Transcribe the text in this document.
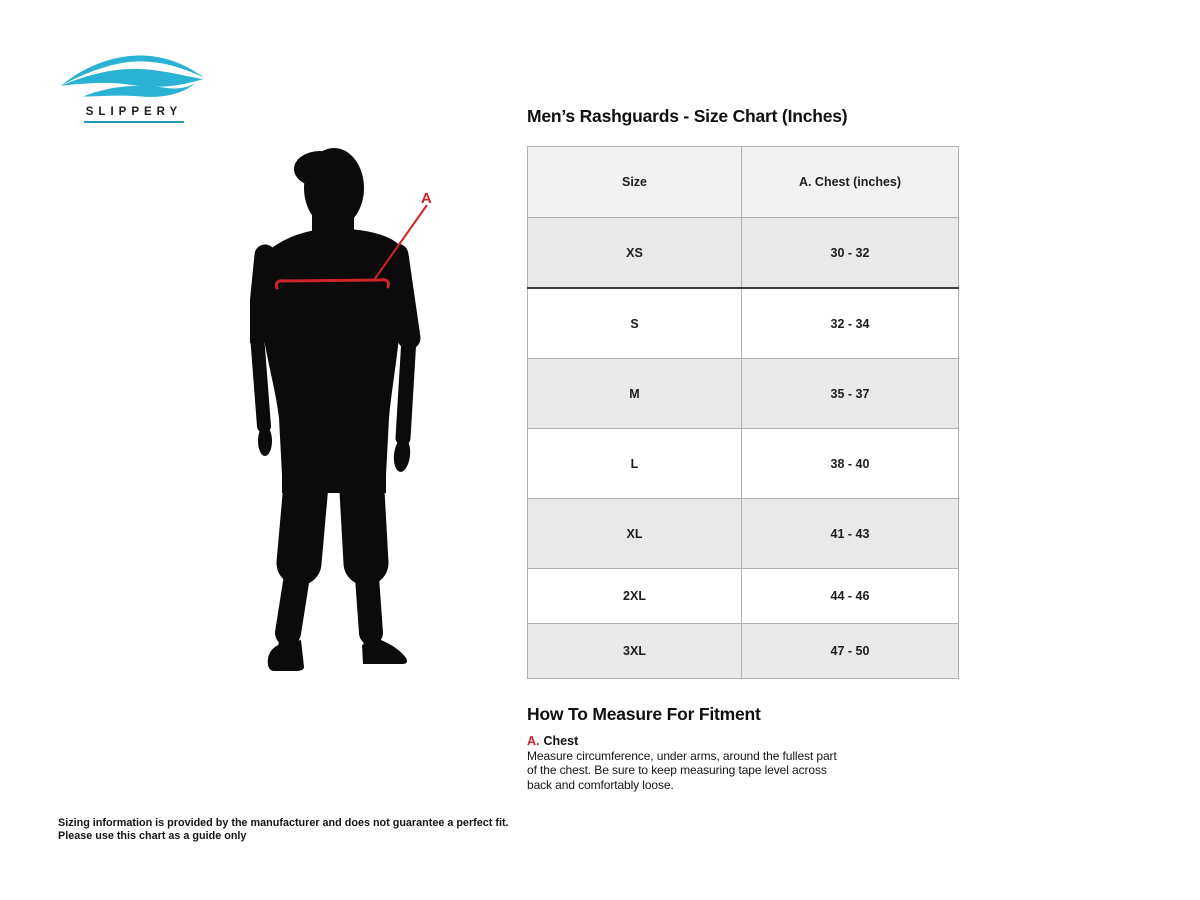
SLIPPERY
A
Men’s Rashguards - Size Chart (Inches)
Size	A. Chest (inches)
XS	30 - 32
S	32 - 34
M	35 - 37
L	38 - 40
XL	41 - 43
2XL	44 - 46
3XL	47 - 50
How To Measure For Fitment

A. Chest

Measure circumference, under arms, around the fullest part of the chest. Be sure to keep measuring tape level across back and comfortably loose.

Sizing information is provided by the manufacturer and does not guarantee a perfect fit.
Please use this chart as a guide only
